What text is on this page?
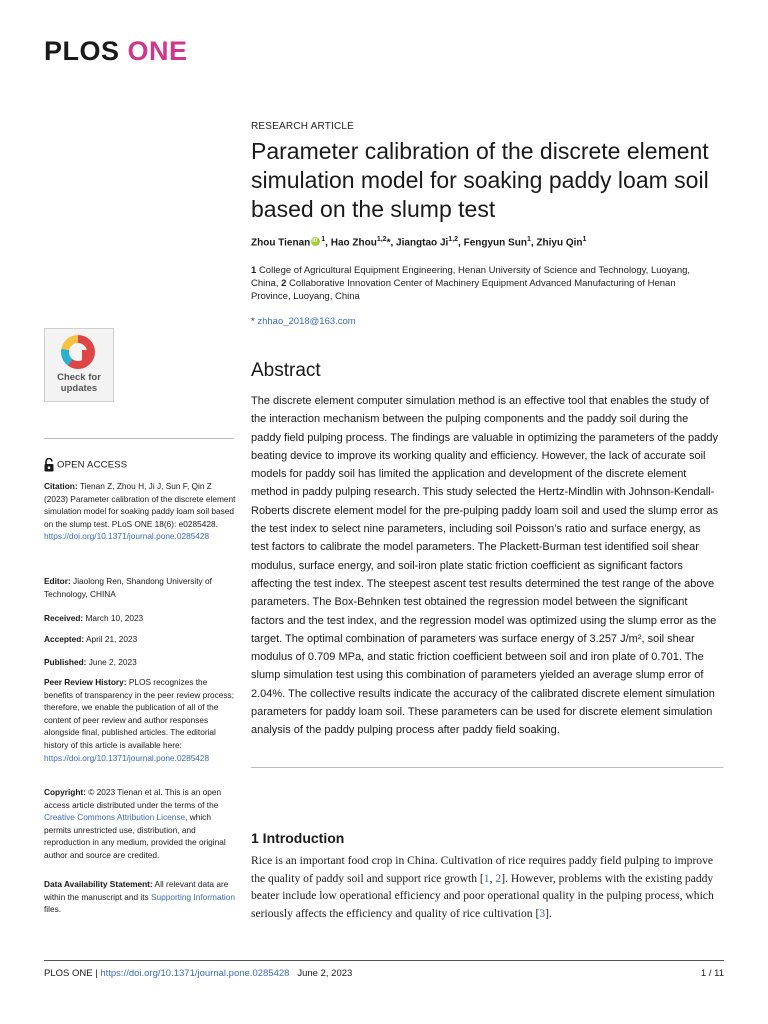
PLOS ONE
RESEARCH ARTICLE
Parameter calibration of the discrete element simulation model for soaking paddy loam soil based on the slump test
Zhou TienaniD $^1$, Hao Zhou$^{1,2}$*, Jiangtao Ji$^{1,2}$, Fengyun Sun$^1$, Zhiyu Qin$^1$
1 College of Agricultural Equipment Engineering, Henan University of Science and Technology, Luoyang, China, 2 Collaborative Innovation Center of Machinery Equipment Advanced Manufacturing of Henan Province, Luoyang, China
* zhhao_2018@163.com
Abstract

The discrete element computer simulation method is an effective tool that enables the study of the interaction mechanism between the pulping components and the paddy soil during the paddy field pulping process. The findings are valuable in optimizing the parameters of the paddy beating device to improve its working quality and efficiency. However, the lack of accurate soil models for paddy soil has limited the application and development of the discrete element method in paddy pulping research. This study selected the Hertz-Mindlin with Johnson-Kendall-Roberts discrete element model for the pre-pulping paddy loam soil and used the slump error as the test index to select nine parameters, including soil Poisson’s ratio and surface energy, as test factors to calibrate the model parameters. The Plackett-Burman test identified soil shear modulus, surface energy, and soil-iron plate static friction coefficient as significant factors affecting the test index. The steepest ascent test results determined the test range of the above parameters. The Box-Behnken test obtained the regression model between the significant factors and the test index, and the regression model was optimized using the slump error as the target. The optimal combination of parameters was surface energy of 3.257 J/m², soil shear modulus of 0.709 MPa, and static friction coefficient between soil and iron plate of 0.701. The slump simulation test using this combination of parameters yielded an average slump error of 2.04%. The collective results indicate the accuracy of the calibrated discrete element simulation parameters for paddy loam soil. These parameters can be used for discrete element simulation analysis of the paddy pulping process after paddy field soaking.

1 Introduction

Rice is an important food crop in China. Cultivation of rice requires paddy field pulping to improve the quality of paddy soil and support rice growth [1, 2]. However, problems with the existing paddy beater include low operational efficiency and poor operational quality in the pulping process, which seriously affects the efficiency and quality of rice cultivation [3].

Check for updates
OPEN ACCESS
Citation: Tienan Z, Zhou H, Ji J, Sun F, Qin Z (2023) Parameter calibration of the discrete element simulation model for soaking paddy loam soil based on the slump test. PLoS ONE 18(6): e0285428. https://doi.org/10.1371/journal.pone.0285428
Editor: Jiaolong Ren, Shandong University of Technology, CHINA
Received: March 10, 2023
Accepted: April 21, 2023
Published: June 2, 2023
Peer Review History: PLOS recognizes the benefits of transparency in the peer review process; therefore, we enable the publication of all of the content of peer review and author responses alongside final, published articles. The editorial history of this article is available here: https://doi.org/10.1371/journal.pone.0285428
Copyright: © 2023 Tienan et al. This is an open access article distributed under the terms of the Creative Commons Attribution License, which permits unrestricted use, distribution, and reproduction in any medium, provided the original author and source are credited.
Data Availability Statement: All relevant data are within the manuscript and its Supporting Information files.
PLOS ONE | https://doi.org/10.1371/journal.pone.0285428 June 2, 2023	1 / 11
